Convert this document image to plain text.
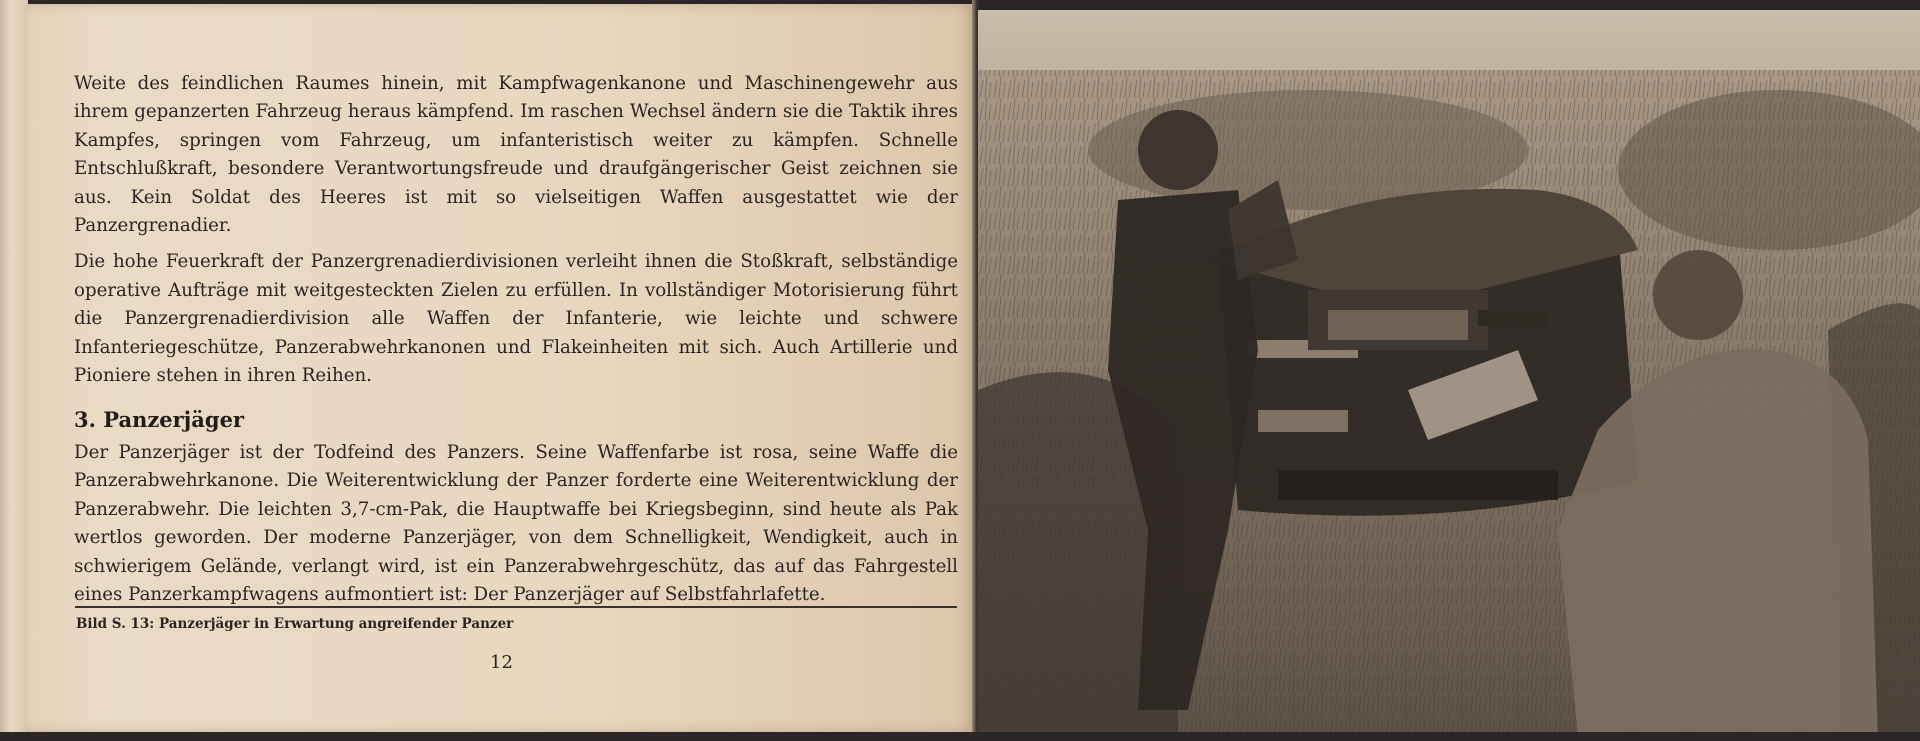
Weite des feindlichen Raumes hinein, mit Kampfwagenkanone und Maschinengewehr aus ihrem gepanzerten Fahrzeug heraus kämpfend. Im raschen Wechsel ändern sie die Taktik ihres Kampfes, springen vom Fahrzeug, um infanteristisch weiter zu kämpfen. Schnelle Entschlußkraft, besondere Verantwortungsfreude und draufgängerischer Geist zeichnen sie aus. Kein Soldat des Heeres ist mit so vielseitigen Waffen ausgestattet wie der Panzergrenadier.

Die hohe Feuerkraft der Panzergrenadierdivisionen verleiht ihnen die Stoßkraft, selbständige operative Aufträge mit weitgesteckten Zielen zu erfüllen. In vollständiger Motorisierung führt die Panzergrenadierdivision alle Waffen der Infanterie, wie leichte und schwere Infanteriegeschütze, Panzerabwehrkanonen und Flakeinheiten mit sich. Auch Artillerie und Pioniere stehen in ihren Reihen.

3. Panzerjäger

Der Panzerjäger ist der Todfeind des Panzers. Seine Waffenfarbe ist rosa, seine Waffe die Panzerabwehrkanone. Die Weiterentwicklung der Panzer forderte eine Weiterentwicklung der Panzerabwehr. Die leichten 3,7-cm-Pak, die Hauptwaffe bei Kriegsbeginn, sind heute als Pak wertlos geworden. Der moderne Panzerjäger, von dem Schnelligkeit, Wendigkeit, auch in schwierigem Gelände, verlangt wird, ist ein Panzerabwehrgeschütz, das auf das Fahrgestell eines Panzerkampfwagens aufmontiert ist: Der Panzerjäger auf Selbstfahrlafette.

Bild S. 13: Panzerjäger in Erwartung angreifender Panzer
12
